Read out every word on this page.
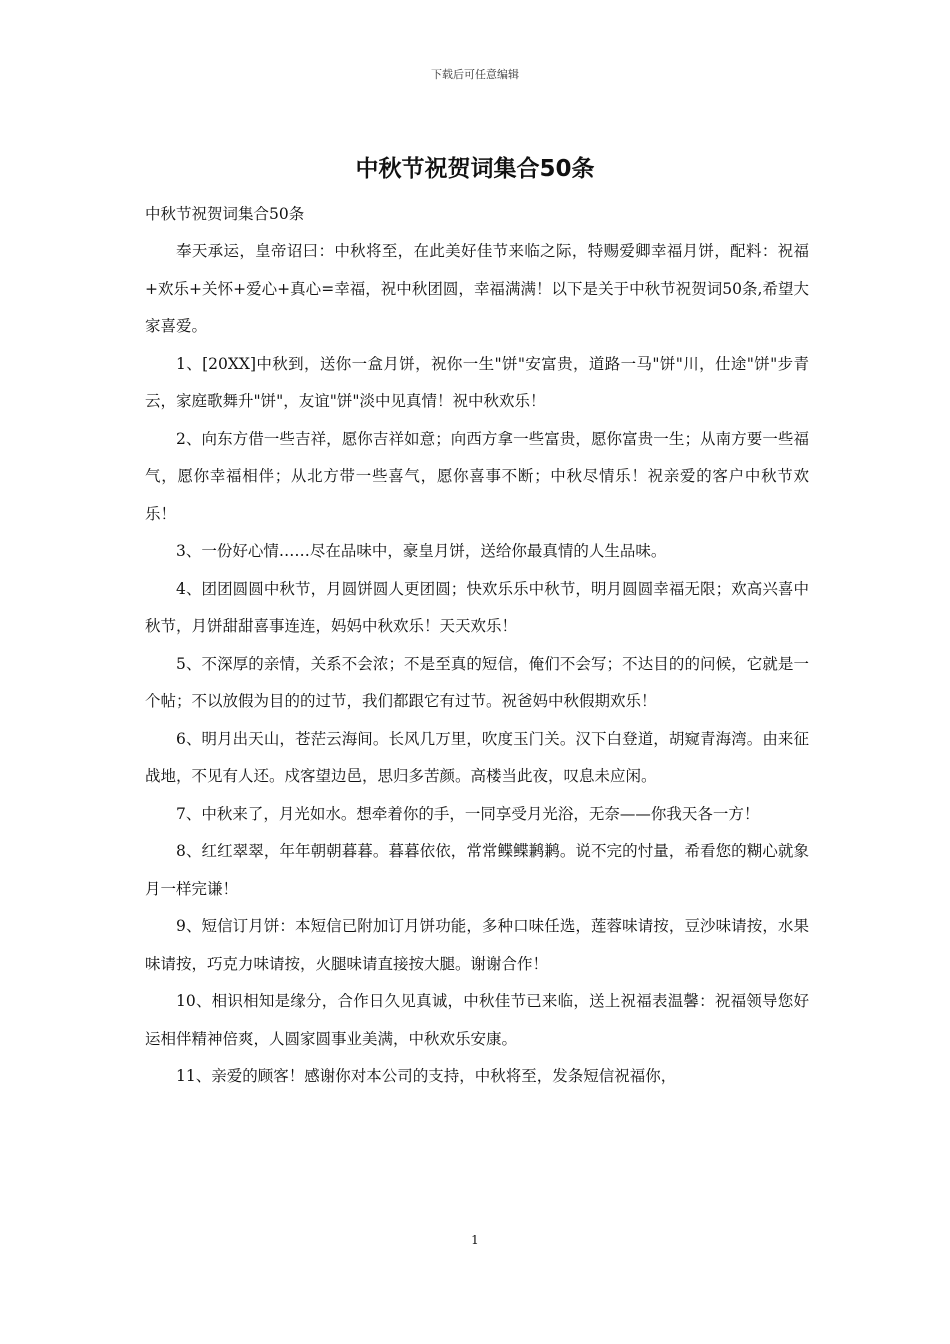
下载后可任意编辑
中秋节祝贺词集合50条

中秋节祝贺词集合50条

奉天承运，皇帝诏曰：中秋将至，在此美好佳节来临之际，特赐爱卿幸福月饼，配料：祝福+欢乐+关怀+爱心+真心=幸福，祝中秋团圆，幸福满满！以下是关于中秋节祝贺词50条,希望大家喜爱。

1、[20XX]中秋到，送你一盒月饼，祝你一生"饼"安富贵，道路一马"饼"川，仕途"饼"步青云，家庭歌舞升"饼"，友谊"饼"淡中见真情！祝中秋欢乐！

2、向东方借一些吉祥，愿你吉祥如意；向西方拿一些富贵，愿你富贵一生；从南方要一些福气，愿你幸福相伴；从北方带一些喜气，愿你喜事不断；中秋尽情乐！祝亲爱的客户中秋节欢乐！

3、一份好心情……尽在品味中，豪皇月饼，送给你最真情的人生品味。

4、团团圆圆中秋节，月圆饼圆人更团圆；快欢乐乐中秋节，明月圆圆幸福无限；欢高兴喜中秋节，月饼甜甜喜事连连，妈妈中秋欢乐！天天欢乐！

5、不深厚的亲情，关系不会浓；不是至真的短信，俺们不会写；不达目的的问候，它就是一个帖；不以放假为目的的过节，我们都跟它有过节。祝爸妈中秋假期欢乐！

6、明月出天山，苍茫云海间。长风几万里，吹度玉门关。汉下白登道，胡窥青海湾。由来征战地，不见有人还。戍客望边邑，思归多苦颜。高楼当此夜，叹息未应闲。

7、中秋来了，月光如水。想牵着你的手，一同享受月光浴，无奈——你我天各一方！

8、红红翠翠，年年朝朝暮暮。暮暮依依，常常鲽鲽鹣鹣。说不完的忖量，希看您的糊心就象月一样完谦！

9、短信订月饼：本短信已附加订月饼功能，多种口味任选，莲蓉味请按，豆沙味请按，水果味请按，巧克力味请按，火腿味请直接按大腿。谢谢合作！

10、相识相知是缘分，合作日久见真诚，中秋佳节已来临，送上祝福表温馨：祝福领导您好运相伴精神倍爽，人圆家圆事业美满，中秋欢乐安康。

11、亲爱的顾客！感谢你对本公司的支持，中秋将至，发条短信祝福你，

1
